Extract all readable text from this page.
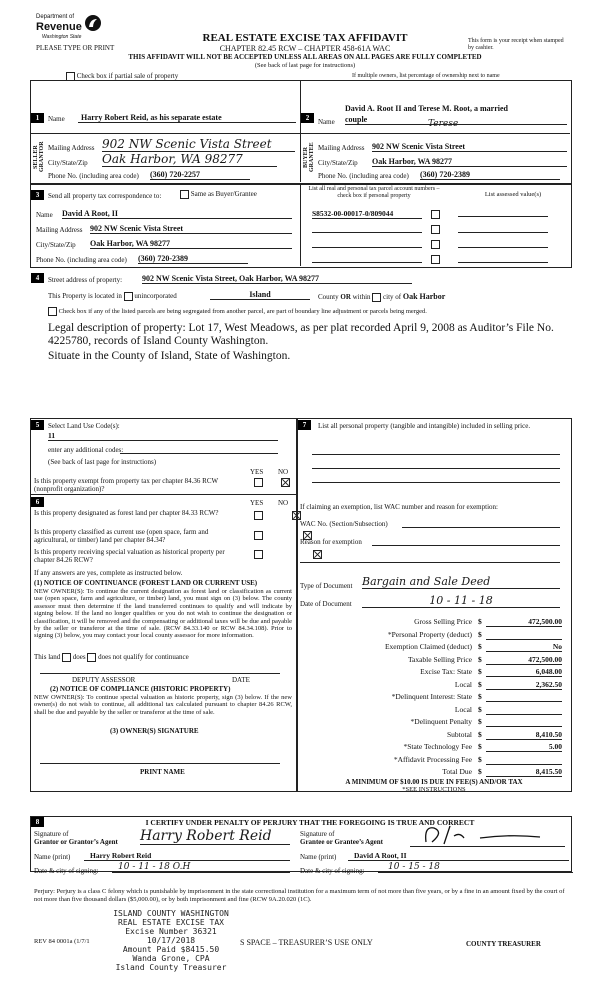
Department of
Revenue
Washington State	REAL ESTATE EXCISE TAX AFFIDAVIT
CHAPTER 82.45 RCW – CHAPTER 458-61A WAC
PLEASE TYPE OR PRINT
This form is your receipt when stamped by cashier.
THIS AFFIDAVIT WILL NOT BE ACCEPTED UNLESS ALL AREAS ON ALL PAGES ARE FULLY COMPLETED
(See back of last page for instructions)
Check box if partial sale of property	If multiple owners, list percentage of ownership next to name
1
SELLER GRANTOR
Name	Harry Robert Reid, as his separate estate
Mailing Address 902 NW Scenic Vista Street
City/State/Zip Oak Harbor, WA 98277
Phone No. (including area code) (360) 720-2257
2
BUYER GRANTEE
David A. Root II and Terese M. Root, a married
Name couple	Terese
Mailing Address 902 NW Scenic Vista Street
City/State/Zip Oak Harbor, WA 98277
Phone No. (including area code) (360) 720-2389
3	Send all property tax correspondence to:	Same as Buyer/Grantee
Name David A Root, II
Mailing Address 902 NW Scenic Vista Street
City/State/Zip Oak Harbor, WA 98277
Phone No. (including area code) (360) 720-2389
List all real and personal tax parcel account numbers – check box if personal property	List assessed value(s)
S8532-00-00017-0/809044
4	Street address of property: 902 NW Scenic Vista Street, Oak Harbor, WA 98277
This Property is located in unincorporated	Island	County OR within city of Oak Harbor
Check box if any of the listed parcels are being segregated from another parcel, are part of boundary line adjustment or parcels being merged.
Legal description of property: Lot 17, West Meadows, as per plat recorded April 9, 2008 as Auditor’s File No. 4225780, records of Island County Washington.
Situate in the County of Island, State of Washington.
5	Select Land Use Code(s):
11
enter any additional codes:
(See back of last page for instructions)
YES NO
Is this property exempt from property tax per chapter 84.36 RCW (nonprofit organization)?

6	YES NO
Is this property designated as forest land per chapter 84.33 RCW?

Is this property classified as current use (open space, farm and agricultural, or timber) land per chapter 84.34?

Is this property receiving special valuation as historical property per chapter 84.26 RCW?
If any answers are yes, complete as instructed below.
(1) NOTICE OF CONTINUANCE (FOREST LAND OR CURRENT USE)
NEW OWNER(S): To continue the current designation as forest land or classification as current use (open space, farm and agriculture, or timber) land, you must sign on (3) below. The county assessor must then determine if the land transferred continues to qualify and will indicate by signing below. If the land no longer qualifies or you do not wish to continue the designation or classification, it will be removed and the compensating or additional taxes will be due and payable by the seller or transferor at the time of sale. (RCW 84.33.140 or RCW 84.34.108). Prior to signing (3) below, you may contact your local county assessor for more information.
This land does does not qualify for continuance
DEPUTY ASSESSOR	DATE
(2) NOTICE OF COMPLIANCE (HISTORIC PROPERTY)
NEW OWNER(S): To continue special valuation as historic property, sign (3) below. If the new owner(s) do not wish to continue, all additional tax calculated pursuant to chapter 84.26 RCW, shall be due and payable by the seller or transferor at the time of sale.
(3) OWNER(S) SIGNATURE
PRINT NAME
7	List all personal property (tangible and intangible) included in selling price.
If claiming an exemption, list WAC number and reason for exemption:
WAC No. (Section/Subsection)
Reason for exemption
Type of Document Bargain and Sale Deed
Date of Document	10 - 11 - 18
Gross Selling Price $	472,500.00
*Personal Property (deduct) $
Exemption Claimed (deduct) $	No
Taxable Selling Price $	472,500.00
Excise Tax: State $	6,048.00
Local $	2,362.50
*Delinquent Interest: State $
Local $
*Delinquent Penalty $
Subtotal $	8,410.50
*State Technology Fee $	5.00
*Affidavit Processing Fee $
Total Due $	8,415.50
A MINIMUM OF $10.00 IS DUE IN FEE(S) AND/OR TAX
*SEE INSTRUCTIONS
8	I CERTIFY UNDER PENALTY OF PERJURY THAT THE FOREGOING IS TRUE AND CORRECT
Signature of
Grantor or Grantor’s Agent Harry Robert Reid	Signature of
Grantee or Grantee’s Agent
Name (print)	Harry Robert Reid	Name (print)	David A Root, II
Date & city of signing:	10 - 11 - 18 O.H	Date & city of signing:	10 - 15 - 18
Perjury: Perjury is a class C felony which is punishable by imprisonment in the state correctional institution for a maximum term of not more than five years, or by a fine in an amount fixed by the court of not more than five thousand dollars ($5,000.00), or by both imprisonment and fine (RCW 9A.20.020 (1C).
ISLAND COUNTY WASHINGTON
REAL ESTATE EXCISE TAX
Excise Number 36321
10/17/2018
Amount Paid $8415.50
Wanda Grone, CPA
Island County Treasurer
REV 84 0001a (1/7/1	S SPACE – TREASURER’S USE ONLY	COUNTY TREASURER
